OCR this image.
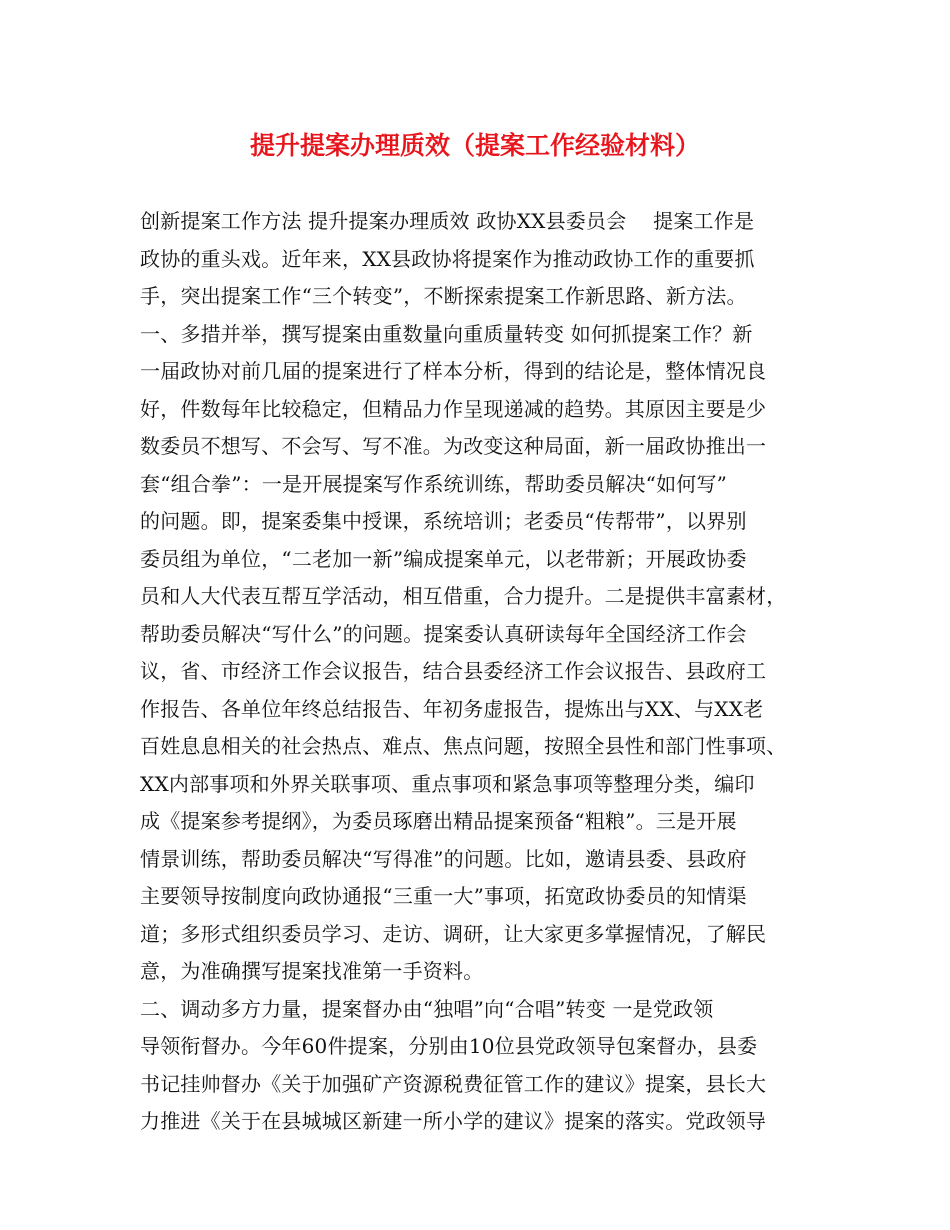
提升提案办理质效（提案工作经验材料）

创新提案工作方法 提升提案办理质效 政协XX县委员会　 提案工作是

政协的重头戏。近年来，XX县政协将提案作为推动政协工作的重要抓

手，突出提案工作“三个转变”，不断探索提案工作新思路、新方法。

一、多措并举，撰写提案由重数量向重质量转变 如何抓提案工作？新

一届政协对前几届的提案进行了样本分析，得到的结论是，整体情况良

好，件数每年比较稳定，但精品力作呈现递减的趋势。其原因主要是少

数委员不想写、不会写、写不准。为改变这种局面，新一届政协推出一

套“组合拳”：一是开展提案写作系统训练，帮助委员解决“如何写”

的问题。即，提案委集中授课，系统培训；老委员“传帮带”，以界别

委员组为单位，“二老加一新”编成提案单元，以老带新；开展政协委

员和人大代表互帮互学活动，相互借重，合力提升。二是提供丰富素材，

帮助委员解决“写什么”的问题。提案委认真研读每年全国经济工作会

议，省、市经济工作会议报告，结合县委经济工作会议报告、县政府工

作报告、各单位年终总结报告、年初务虚报告，提炼出与XX、与XX老

百姓息息相关的社会热点、难点、焦点问题，按照全县性和部门性事项、

XX内部事项和外界关联事项、重点事项和紧急事项等整理分类，编印

成《提案参考提纲》，为委员琢磨出精品提案预备“粗粮”。三是开展

情景训练，帮助委员解决“写得准”的问题。比如，邀请县委、县政府

主要领导按制度向政协通报“三重一大”事项，拓宽政协委员的知情渠

道；多形式组织委员学习、走访、调研，让大家更多掌握情况，了解民

意，为准确撰写提案找准第一手资料。

二、调动多方力量，提案督办由“独唱”向“合唱”转变 一是党政领

导领衔督办。今年60件提案，分别由10位县党政领导包案督办，县委

书记挂帅督办《关于加强矿产资源税费征管工作的建议》提案，县长大

力推进《关于在县城城区新建一所小学的建议》提案的落实。党政领导
